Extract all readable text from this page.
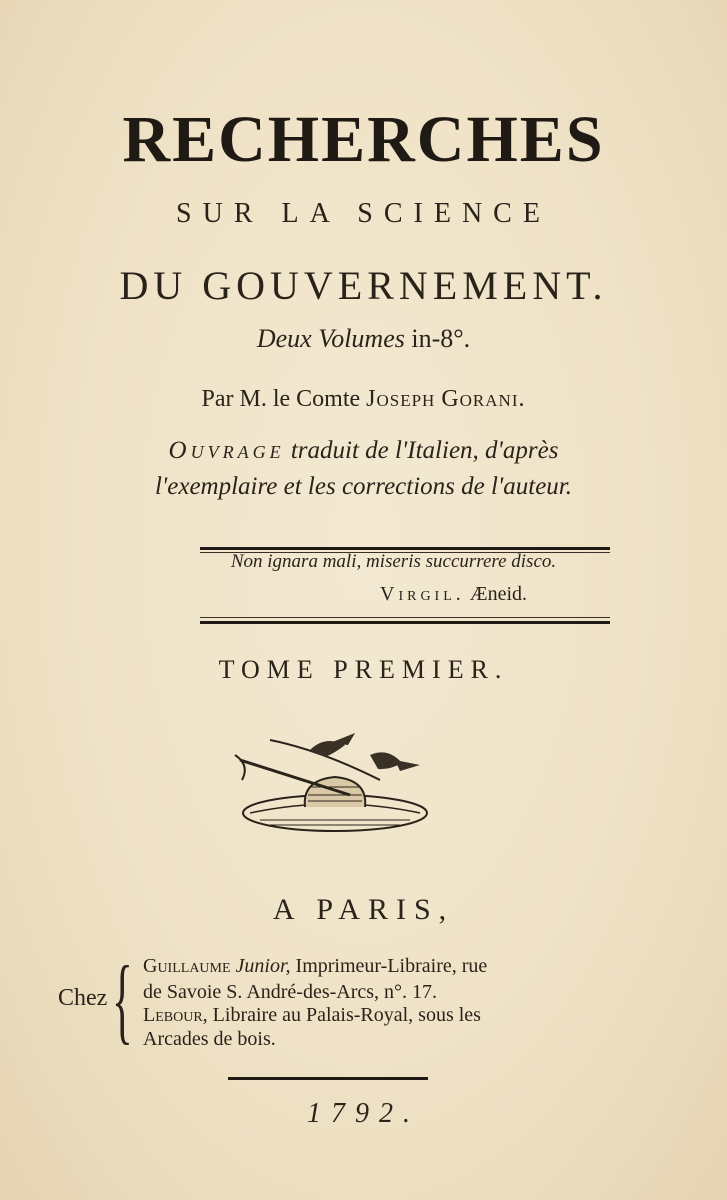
RECHERCHES
SUR LA SCIENCE
DU GOUVERNEMENT.
Deux Volumes in-8°.
Par M. le Comte Joseph Gorani.
Ouvrage traduit de l'Italien, d'après
l'exemplaire et les corrections de l'auteur.
Non ignara mali, miseris succurrere disco.
Virgil. Æneid.
TOME PREMIER.
A PARIS,
Chez { Guillaume Junior, Imprimeur-Libraire, rue
de Savoie S. André-des-Arcs, n°. 17.
Lebour, Libraire au Palais-Royal, sous les
Arcades de bois.
1792.
